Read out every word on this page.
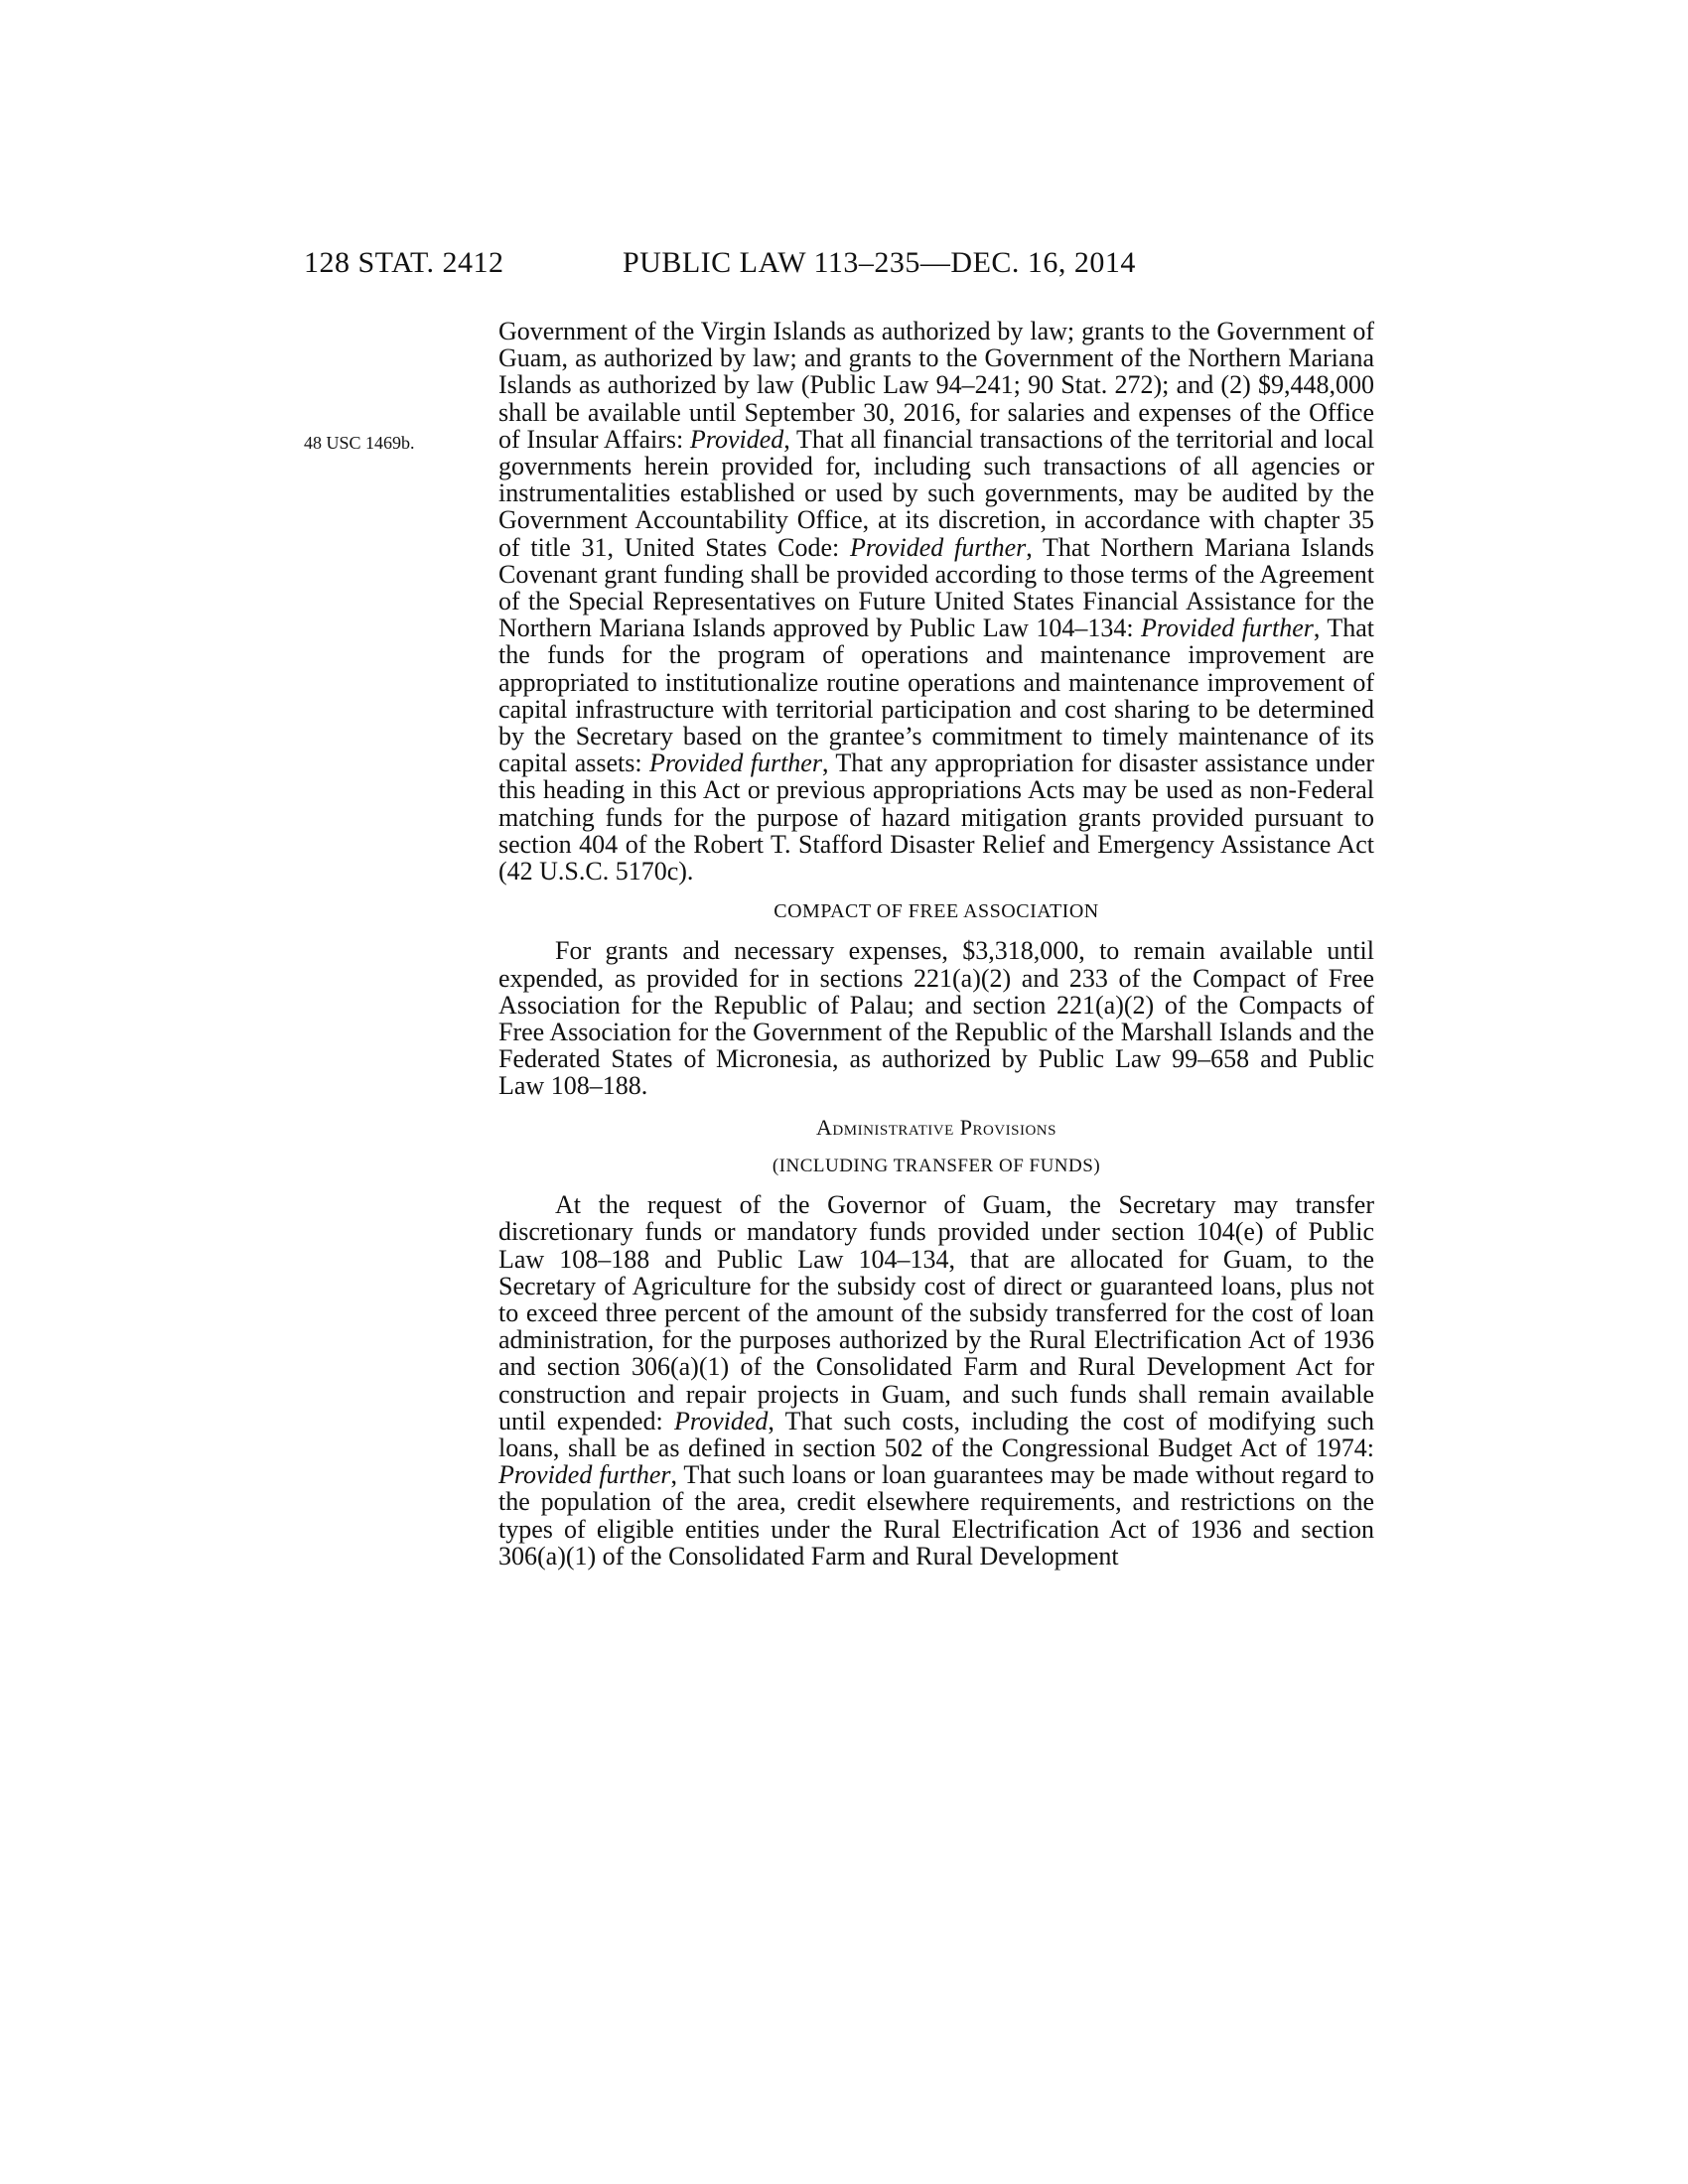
128 STAT. 2412	PUBLIC LAW 113–235—DEC. 16, 2014
48 USC 1469b.

Government of the Virgin Islands as authorized by law; grants to the Government of Guam, as authorized by law; and grants to the Government of the Northern Mariana Islands as authorized by law (Public Law 94–241; 90 Stat. 272); and (2) $9,448,000 shall be available until September 30, 2016, for salaries and expenses of the Office of Insular Affairs: Provided, That all financial transactions of the territorial and local governments herein provided for, including such transactions of all agencies or instrumentalities established or used by such governments, may be audited by the Government Accountability Office, at its discretion, in accordance with chapter 35 of title 31, United States Code: Provided further, That Northern Mariana Islands Covenant grant funding shall be provided according to those terms of the Agreement of the Special Representatives on Future United States Financial Assistance for the Northern Mariana Islands approved by Public Law 104–134: Provided further, That the funds for the program of operations and maintenance improvement are appropriated to institutionalize routine operations and maintenance improvement of capital infrastructure with territorial participation and cost sharing to be determined by the Secretary based on the grantee’s commitment to timely maintenance of its capital assets: Provided further, That any appropriation for disaster assistance under this heading in this Act or previous appropriations Acts may be used as non-Federal matching funds for the purpose of hazard mitigation grants provided pursuant to section 404 of the Robert T. Stafford Disaster Relief and Emergency Assistance Act (42 U.S.C. 5170c).

COMPACT OF FREE ASSOCIATION

For grants and necessary expenses, $3,318,000, to remain available until expended, as provided for in sections 221(a)(2) and 233 of the Compact of Free Association for the Republic of Palau; and section 221(a)(2) of the Compacts of Free Association for the Government of the Republic of the Marshall Islands and the Federated States of Micronesia, as authorized by Public Law 99–658 and Public Law 108–188.

Administrative Provisions
(INCLUDING TRANSFER OF FUNDS)

At the request of the Governor of Guam, the Secretary may transfer discretionary funds or mandatory funds provided under section 104(e) of Public Law 108–188 and Public Law 104–134, that are allocated for Guam, to the Secretary of Agriculture for the subsidy cost of direct or guaranteed loans, plus not to exceed three percent of the amount of the subsidy transferred for the cost of loan administration, for the purposes authorized by the Rural Electrification Act of 1936 and section 306(a)(1) of the Consolidated Farm and Rural Development Act for construction and repair projects in Guam, and such funds shall remain available until expended: Provided, That such costs, including the cost of modifying such loans, shall be as defined in section 502 of the Congressional Budget Act of 1974: Provided further, That such loans or loan guarantees may be made without regard to the population of the area, credit elsewhere requirements, and restrictions on the types of eligible entities under the Rural Electrification Act of 1936 and section 306(a)(1) of the Consolidated Farm and Rural Development
